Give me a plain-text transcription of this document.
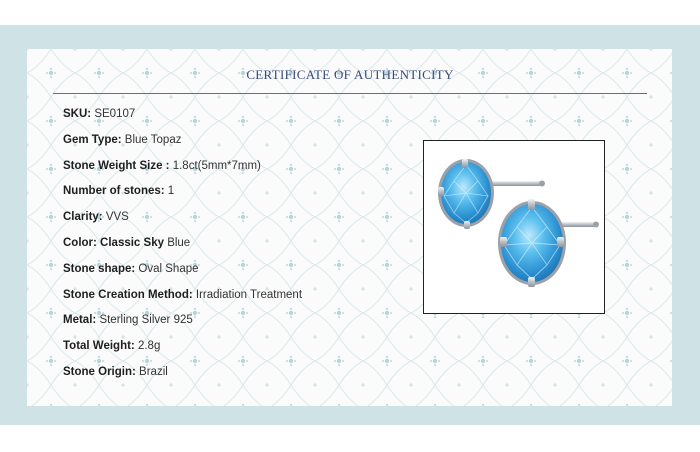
CERTIFICATE OF AUTHENTICITY
SKU: SE0107
Gem Type: Blue Topaz
Stone Weight Size : 1.8ct(5mm*7mm)
Number of stones: 1
Clarity: VVS
Color: Classic Sky Blue
Stone shape: Oval Shape
Stone Creation Method: Irradiation Treatment
Metal: Sterling Silver 925
Total Weight: 2.8g
Stone Origin: Brazil
